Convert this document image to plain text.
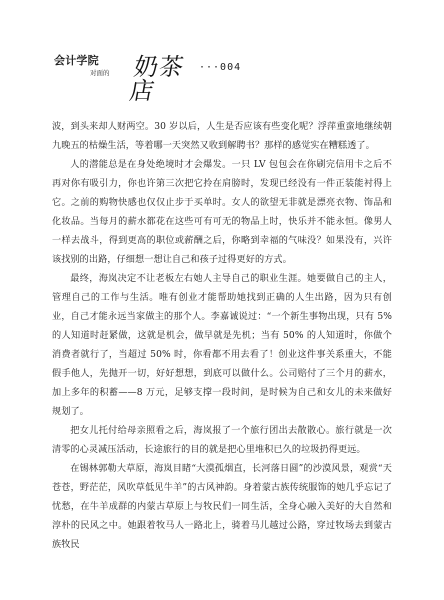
会计学院
对面的 奶茶店
···004

波，到头来却人财两空。30 岁以后，人生是否应该有些变化呢？浮萍重蛮地继续朝九晚五的枯燥生活，等着哪一天突然又收到解聘书？那样的感觉实在糟糕透了。

人的潜能总是在身处绝境时才会爆发。一只 LV 包包会在你刷完信用卡之后不再对你有吸引力，你也许第三次把它拎在肩膀时，发现已经没有一件正装能衬得上它。之前的购物快感也仅仅止步于买单时。女人的欲望无非就是漂亮衣物、饰品和化妆品。当每月的薪水都花在这些可有可无的物品上时，快乐并不能永恒。像男人一样去战斗，得到更高的职位或薪酬之后，你略到幸福的气味没？如果没有，兴许该找别的出路，仔细想一想让自己和孩子过得更好的方式。

最终，海岚决定不让老板左右她人主导自己的职业生涯。她要做自己的主人，管理自己的工作与生活。唯有创业才能帮助她找到正确的人生出路，因为只有创业，自己才能永远当家做主的那个人。李嘉诚说过：“一个新生事物出现，只有 5% 的人知道时赶紧做，这就是机会，做早就是先机；当有 50% 的人知道时，你做个消费者就行了，当超过 50% 时，你看都不用去看了！创业这件事关系重大，不能假手他人，先抛开一切，好好想想，到底可以做什么。公司赔付了三个月的薪水，加上多年的积蓄——8 万元，足够支撑一段时间，是时候为自己和女儿的未来做好规划了。

把女儿托付给母亲照看之后，海岚报了一个旅行团出去散散心。旅行就是一次清零的心灵减压活动，长途旅行的目的就是把心里堆积已久的垃圾扔得更远。

在锡林郭勒大草原，海岚目睹“大漠孤烟直，长河落日圆”的沙漠风景，观赏“天苍苍，野茫茫，风吹草低见牛羊”的古风神韵。身着蒙古族传统服饰的她几乎忘记了忧愁，在牛羊成群的内蒙古草原上与牧民们一同生活，全身心融入美好的大自然和淳朴的民风之中。她跟着牧马人一路北上，骑着马儿越过公路，穿过牧场去到蒙古族牧民
